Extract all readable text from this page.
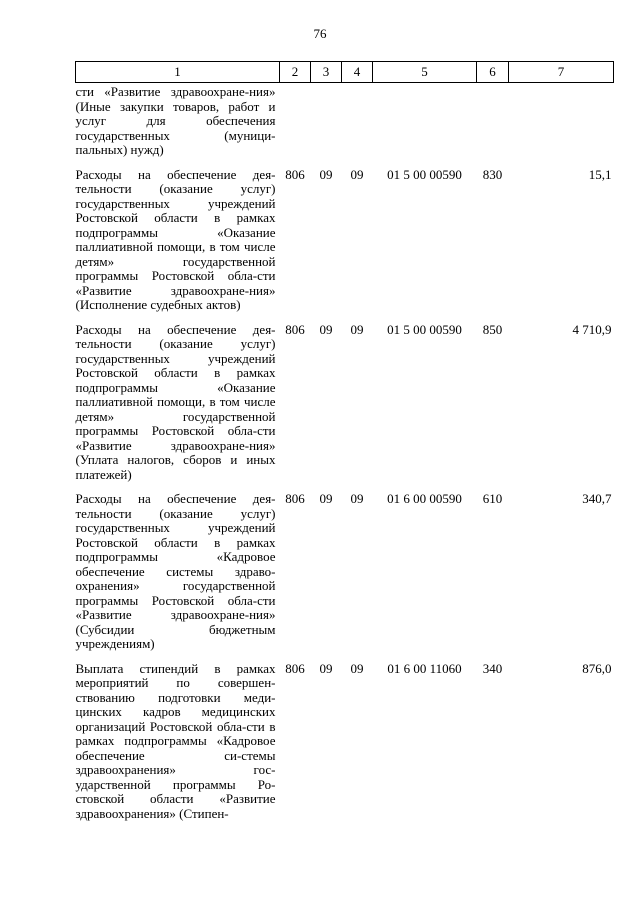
76
1	2	3	4	5	6	7
сти «Развитие здравоохране-ния» (Иные закупки товаров, работ и услуг для обеспечения государственных (муници-пальных) нужд)						
Расходы на обеспечение дея-тельности (оказание услуг) государственных учреждений Ростовской области в рамках подпрограммы «Оказание паллиативной помощи, в том числе детям» государственной программы Ростовской обла-сти «Развитие здравоохране-ния» (Исполнение судебных актов)	806	09	09	01 5 00 00590	830	15,1
Расходы на обеспечение дея-тельности (оказание услуг) государственных учреждений Ростовской области в рамках подпрограммы «Оказание паллиативной помощи, в том числе детям» государственной программы Ростовской обла-сти «Развитие здравоохране-ния» (Уплата налогов, сборов и иных платежей)	806	09	09	01 5 00 00590	850	4 710,9
Расходы на обеспечение дея-тельности (оказание услуг) государственных учреждений Ростовской области в рамках подпрограммы «Кадровое обеспечение системы здраво-охранения» государственной программы Ростовской обла-сти «Развитие здравоохране-ния» (Субсидии бюджетным учреждениям)	806	09	09	01 6 00 00590	610	340,7
Выплата стипендий в рамках мероприятий по совершен-ствованию подготовки меди-цинских кадров медицинских организаций Ростовской обла-сти в рамках подпрограммы «Кадровое обеспечение си-стемы здравоохранения» гос-ударственной программы Ро-стовской области «Развитие здравоохранения» (Стипен-	806	09	09	01 6 00 11060	340	876,0
